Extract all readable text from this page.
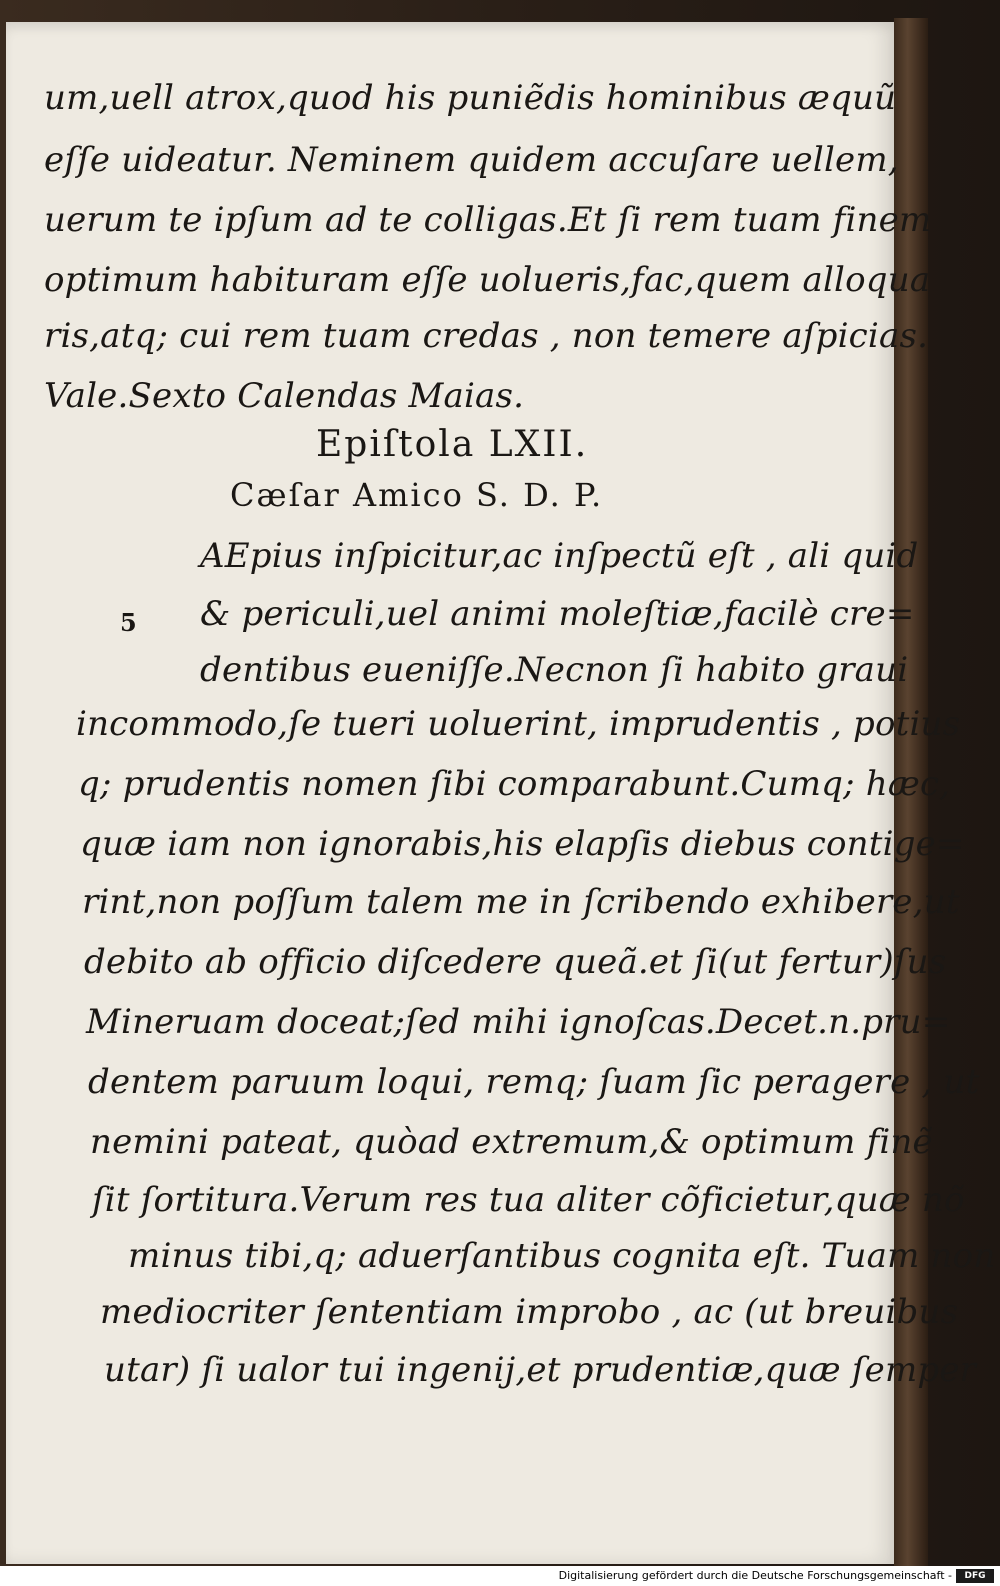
um,uell atrox,quod his puniẽdis hominibus æquũ
eſſe uideatur. Neminem quidem accuſare uellem,
uerum te ipſum ad te colligas.Et ſi rem tuam finem
optimum habituram eſſe uolueris,fac,quem alloqua
ris,atq; cui rem tuam credas , non temere aſpicias.
Vale.Sexto Calendas Maias.
Epiſtola LXII.
Cæſar Amico S. D. P.
5
AEpius inſpicitur,ac inſpectũ eſt , ali quid
& periculi,uel animi moleſtiæ,facilè cre=
dentibus eueniſſe.Necnon ſi habito graui
incommodo,ſe tueri uoluerint, imprudentis , potius
q; prudentis nomen ſibi comparabunt.Cumq; hæc,
quæ iam non ignorabis,his elapſis diebus contige=
rint,non poſſum talem me in ſcribendo exhibere,ut
debito ab officio diſcedere queã.et ſi(ut fertur)ſus
Mineruam doceat;ſed mihi ignoſcas.Decet.n.pru=
dentem paruum loqui, remq; ſuam ſic peragere , ut
nemini pateat, quòad extremum,& optimum finẽ
ſit ſortitura.Verum res tua aliter cõficietur,quæ nõ
minus tibi,q; aduerſantibus cognita eſt. Tuam non
mediocriter ſententiam improbo , ac (ut breuibus
utar) ſi ualor tui ingenij,et prudentiæ,quæ ſemper
Digitalisierung gefördert durch die Deutsche Forschungsgemeinschaft -	DFG
